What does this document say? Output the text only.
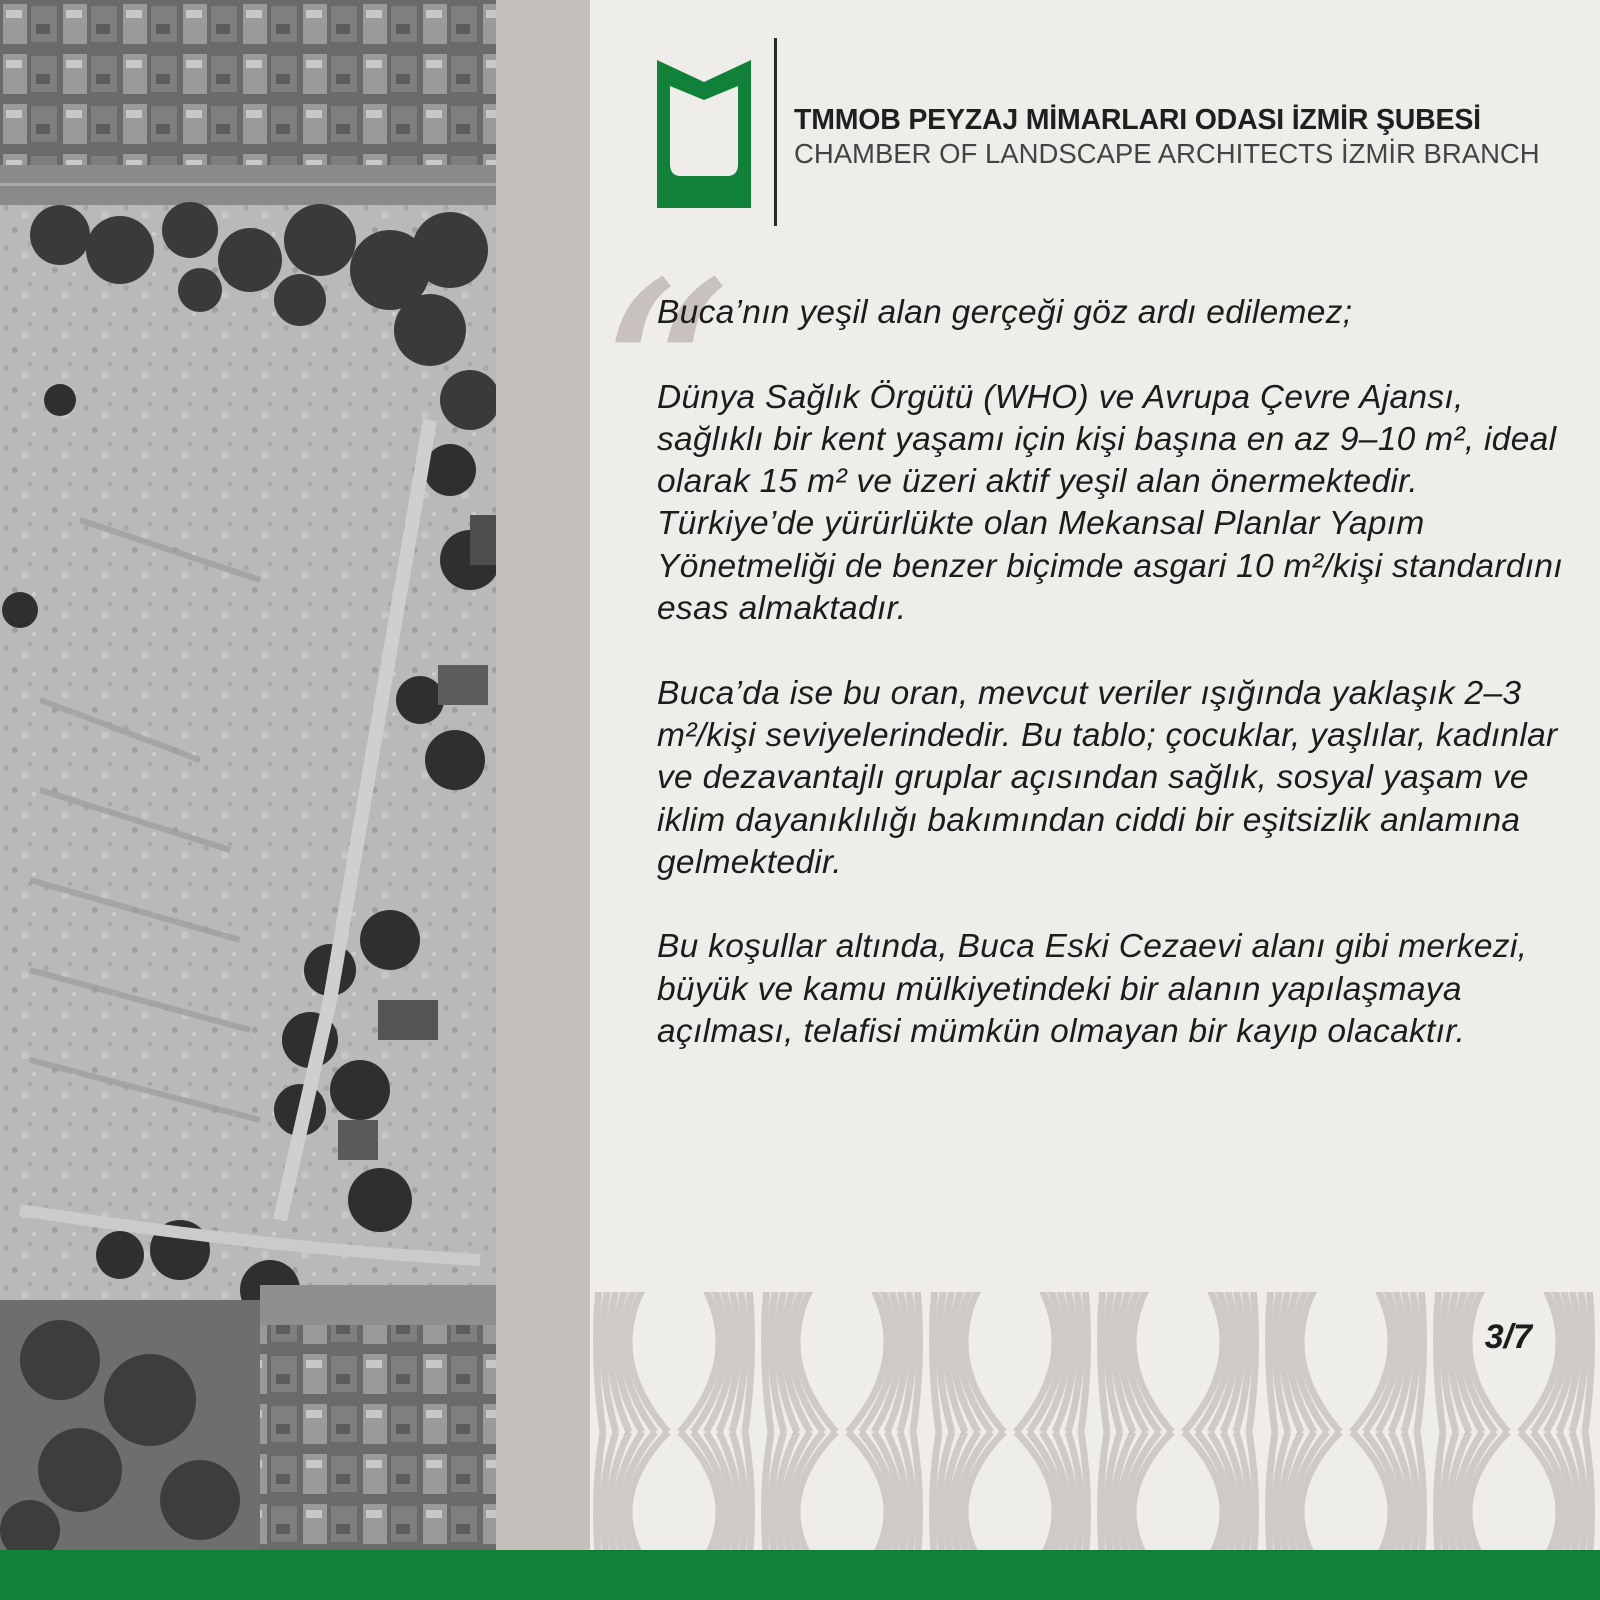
TMMOB PEYZAJ MİMARLARI ODASI İZMİR ŞUBESİ
CHAMBER OF LANDSCAPE ARCHITECTS İZMİR BRANCH
“

Buca’nın yeşil alan gerçeği göz ardı edilemez;

Dünya Sağlık Örgütü (WHO) ve Avrupa Çevre Ajansı, sağlıklı bir kent yaşamı için kişi başına en az 9–10 m², ideal olarak 15 m² ve üzeri aktif yeşil alan önermektedir. Türkiye’de yürürlükte olan Mekansal Planlar Yapım Yönetmeliği de benzer biçimde asgari 10 m²/kişi standardını esas almaktadır.

Buca’da ise bu oran, mevcut veriler ışığında yaklaşık 2–3 m²/kişi seviyelerindedir. Bu tablo; çocuklar, yaşlılar, kadınlar ve dezavantajlı gruplar açısından sağlık, sosyal yaşam ve iklim dayanıklılığı bakımından ciddi bir eşitsizlik anlamına gelmektedir.

Bu koşullar altında, Buca Eski Cezaevi alanı gibi merkezi, büyük ve kamu mülkiyetindeki bir alanın yapılaşmaya açılması, telafisi mümkün olmayan bir kayıp olacaktır.

3/7
